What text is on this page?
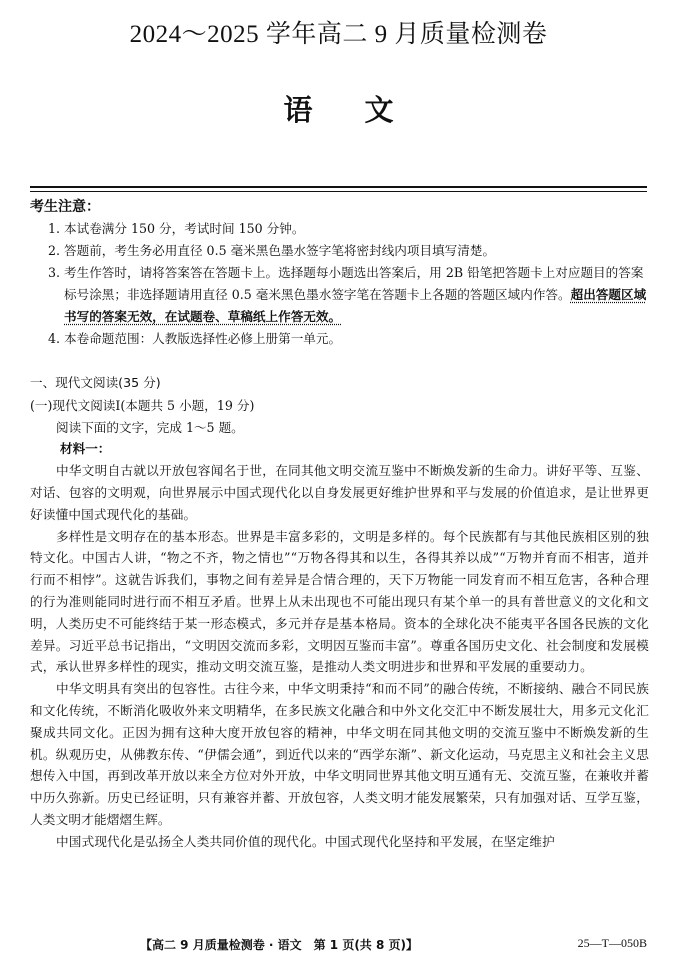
2024～2025 学年高二 9 月质量检测卷
语 文
考生注意：
1. 本试卷满分 150 分，考试时间 150 分钟。
2. 答题前，考生务必用直径 0.5 毫米黑色墨水签字笔将密封线内项目填写清楚。
3. 考生作答时，请将答案答在答题卡上。选择题每小题选出答案后，用 2B 铅笔把答题卡上对应题目的答案标号涂黑；非选择题请用直径 0.5 毫米黑色墨水签字笔在答题卡上各题的答题区域内作答。超出答题区域书写的答案无效，在试题卷、草稿纸上作答无效。
4. 本卷命题范围：人教版选择性必修上册第一单元。
一、现代文阅读(35 分)

(一)现代文阅读Ⅰ(本题共 5 小题，19 分)

阅读下面的文字，完成 1～5 题。

材料一：

中华文明自古就以开放包容闻名于世，在同其他文明交流互鉴中不断焕发新的生命力。讲好平等、互鉴、对话、包容的文明观，向世界展示中国式现代化以自身发展更好维护世界和平与发展的价值追求，是让世界更好读懂中国式现代化的基础。

多样性是文明存在的基本形态。世界是丰富多彩的，文明是多样的。每个民族都有与其他民族相区别的独特文化。中国古人讲，“物之不齐，物之情也”“万物各得其和以生，各得其养以成”“万物并育而不相害，道并行而不相悖”。这就告诉我们，事物之间有差异是合情合理的，天下万物能一同发育而不相互危害，各种合理的行为准则能同时进行而不相互矛盾。世界上从未出现也不可能出现只有某个单一的具有普世意义的文化和文明，人类历史不可能终结于某一形态模式，多元并存是基本格局。资本的全球化决不能夷平各国各民族的文化差异。习近平总书记指出，“文明因交流而多彩，文明因互鉴而丰富”。尊重各国历史文化、社会制度和发展模式，承认世界多样性的现实，推动文明交流互鉴，是推动人类文明进步和世界和平发展的重要动力。

中华文明具有突出的包容性。古往今来，中华文明秉持“和而不同”的融合传统，不断接纳、融合不同民族和文化传统，不断消化吸收外来文明精华，在多民族文化融合和中外文化交汇中不断发展壮大，用多元文化汇聚成共同文化。正因为拥有这种大度开放包容的精神，中华文明在同其他文明的交流互鉴中不断焕发新的生机。纵观历史，从佛教东传、“伊儒会通”，到近代以来的“西学东渐”、新文化运动，马克思主义和社会主义思想传入中国，再到改革开放以来全方位对外开放，中华文明同世界其他文明互通有无、交流互鉴，在兼收并蓄中历久弥新。历史已经证明，只有兼容并蓄、开放包容，人类文明才能发展繁荣，只有加强对话、互学互鉴，人类文明才能熠熠生辉。

中国式现代化是弘扬全人类共同价值的现代化。中国式现代化坚持和平发展，在坚定维护

【高二 9 月质量检测卷 · 语文　第 1 页(共 8 页)】	25—T—050B
